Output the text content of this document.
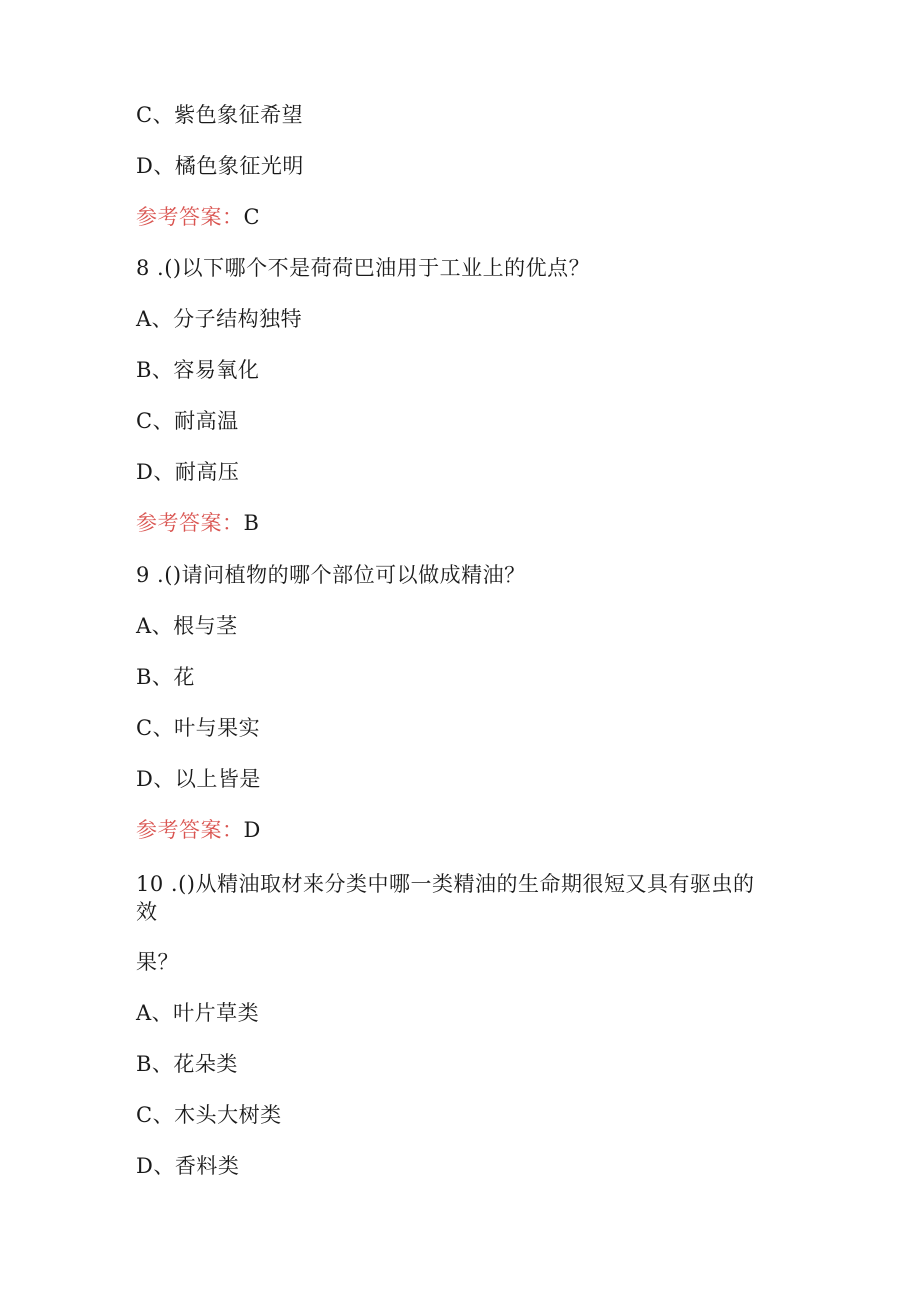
C、紫色象征希望
D、橘色象征光明
参考答案：C
8 .()以下哪个不是荷荷巴油用于工业上的优点？
A、分子结构独特
B、容易氧化
C、耐高温
D、耐高压
参考答案：B
9 .()请问植物的哪个部位可以做成精油？
A、根与茎
B、花
C、叶与果实
D、以上皆是
参考答案：D
10 .()从精油取材来分类中哪一类精油的生命期很短又具有驱虫的
效
果？
A、叶片草类
B、花朵类
C、木头大树类
D、香料类
